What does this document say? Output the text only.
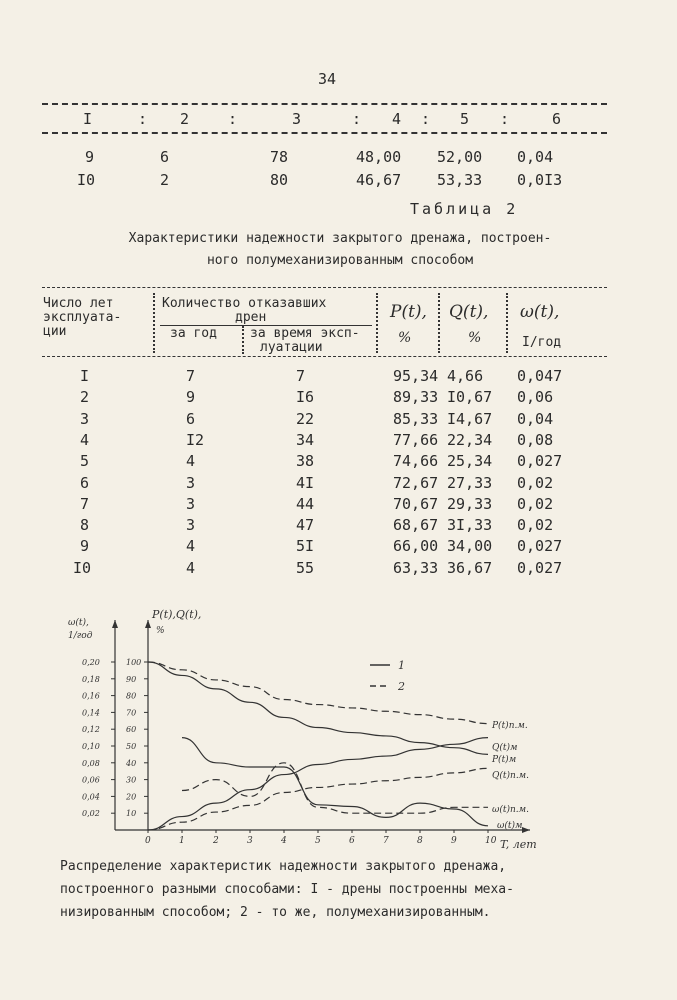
34
I	: 2	:	3	: 4 : 5 :	6
9	6	78	48,00 52,00 0,04
I0	2	80	46,67 53,33 0,0I3
Таблица 2
Характеристики надежности закрытого дренажа, построен-
ного полумеханизированным способом
Число лет
эксплуата-
ции
Количество отказавших
дрен
за год	за время эксп-
луатации
P(t),
%
Q(t),
%
ω(t),
I/год
I	7	7	95,34 4,66 0,047
2	9	I6	89,33 I0,67 0,06
3	6	22	85,33 I4,67 0,04
4	I2	34	77,66 22,34 0,08
5	4	38	74,66 25,34 0,027
6	3	4I	72,67 27,33 0,02
7	3	44	70,67 29,33 0,02
8	3	47	68,67 3I,33 0,02
9	4	5I	66,00 34,00 0,027
I0	4	55	63,33 36,67 0,027
ω(t),
1/год
P(t),Q(t),
%
T, лет
0,02
0,04
0,06
0,08
0,10
0,12
0,14
0,16
0,18
0,20
10
20
30
40
50
60
70
80
90
100
0	1	2	3	4	5	6	7	8	9	10
P(t)п.м.
Q(t)п.м.
P(t)м
Q(t)м
ω(t)п.м.
ω(t)м
1
2

Распределение характеристик надежности закрытого дренажа,

построенного разными способами: I - дрены построенны меха-

низированным способом; 2 - то же, полумеханизированным.
